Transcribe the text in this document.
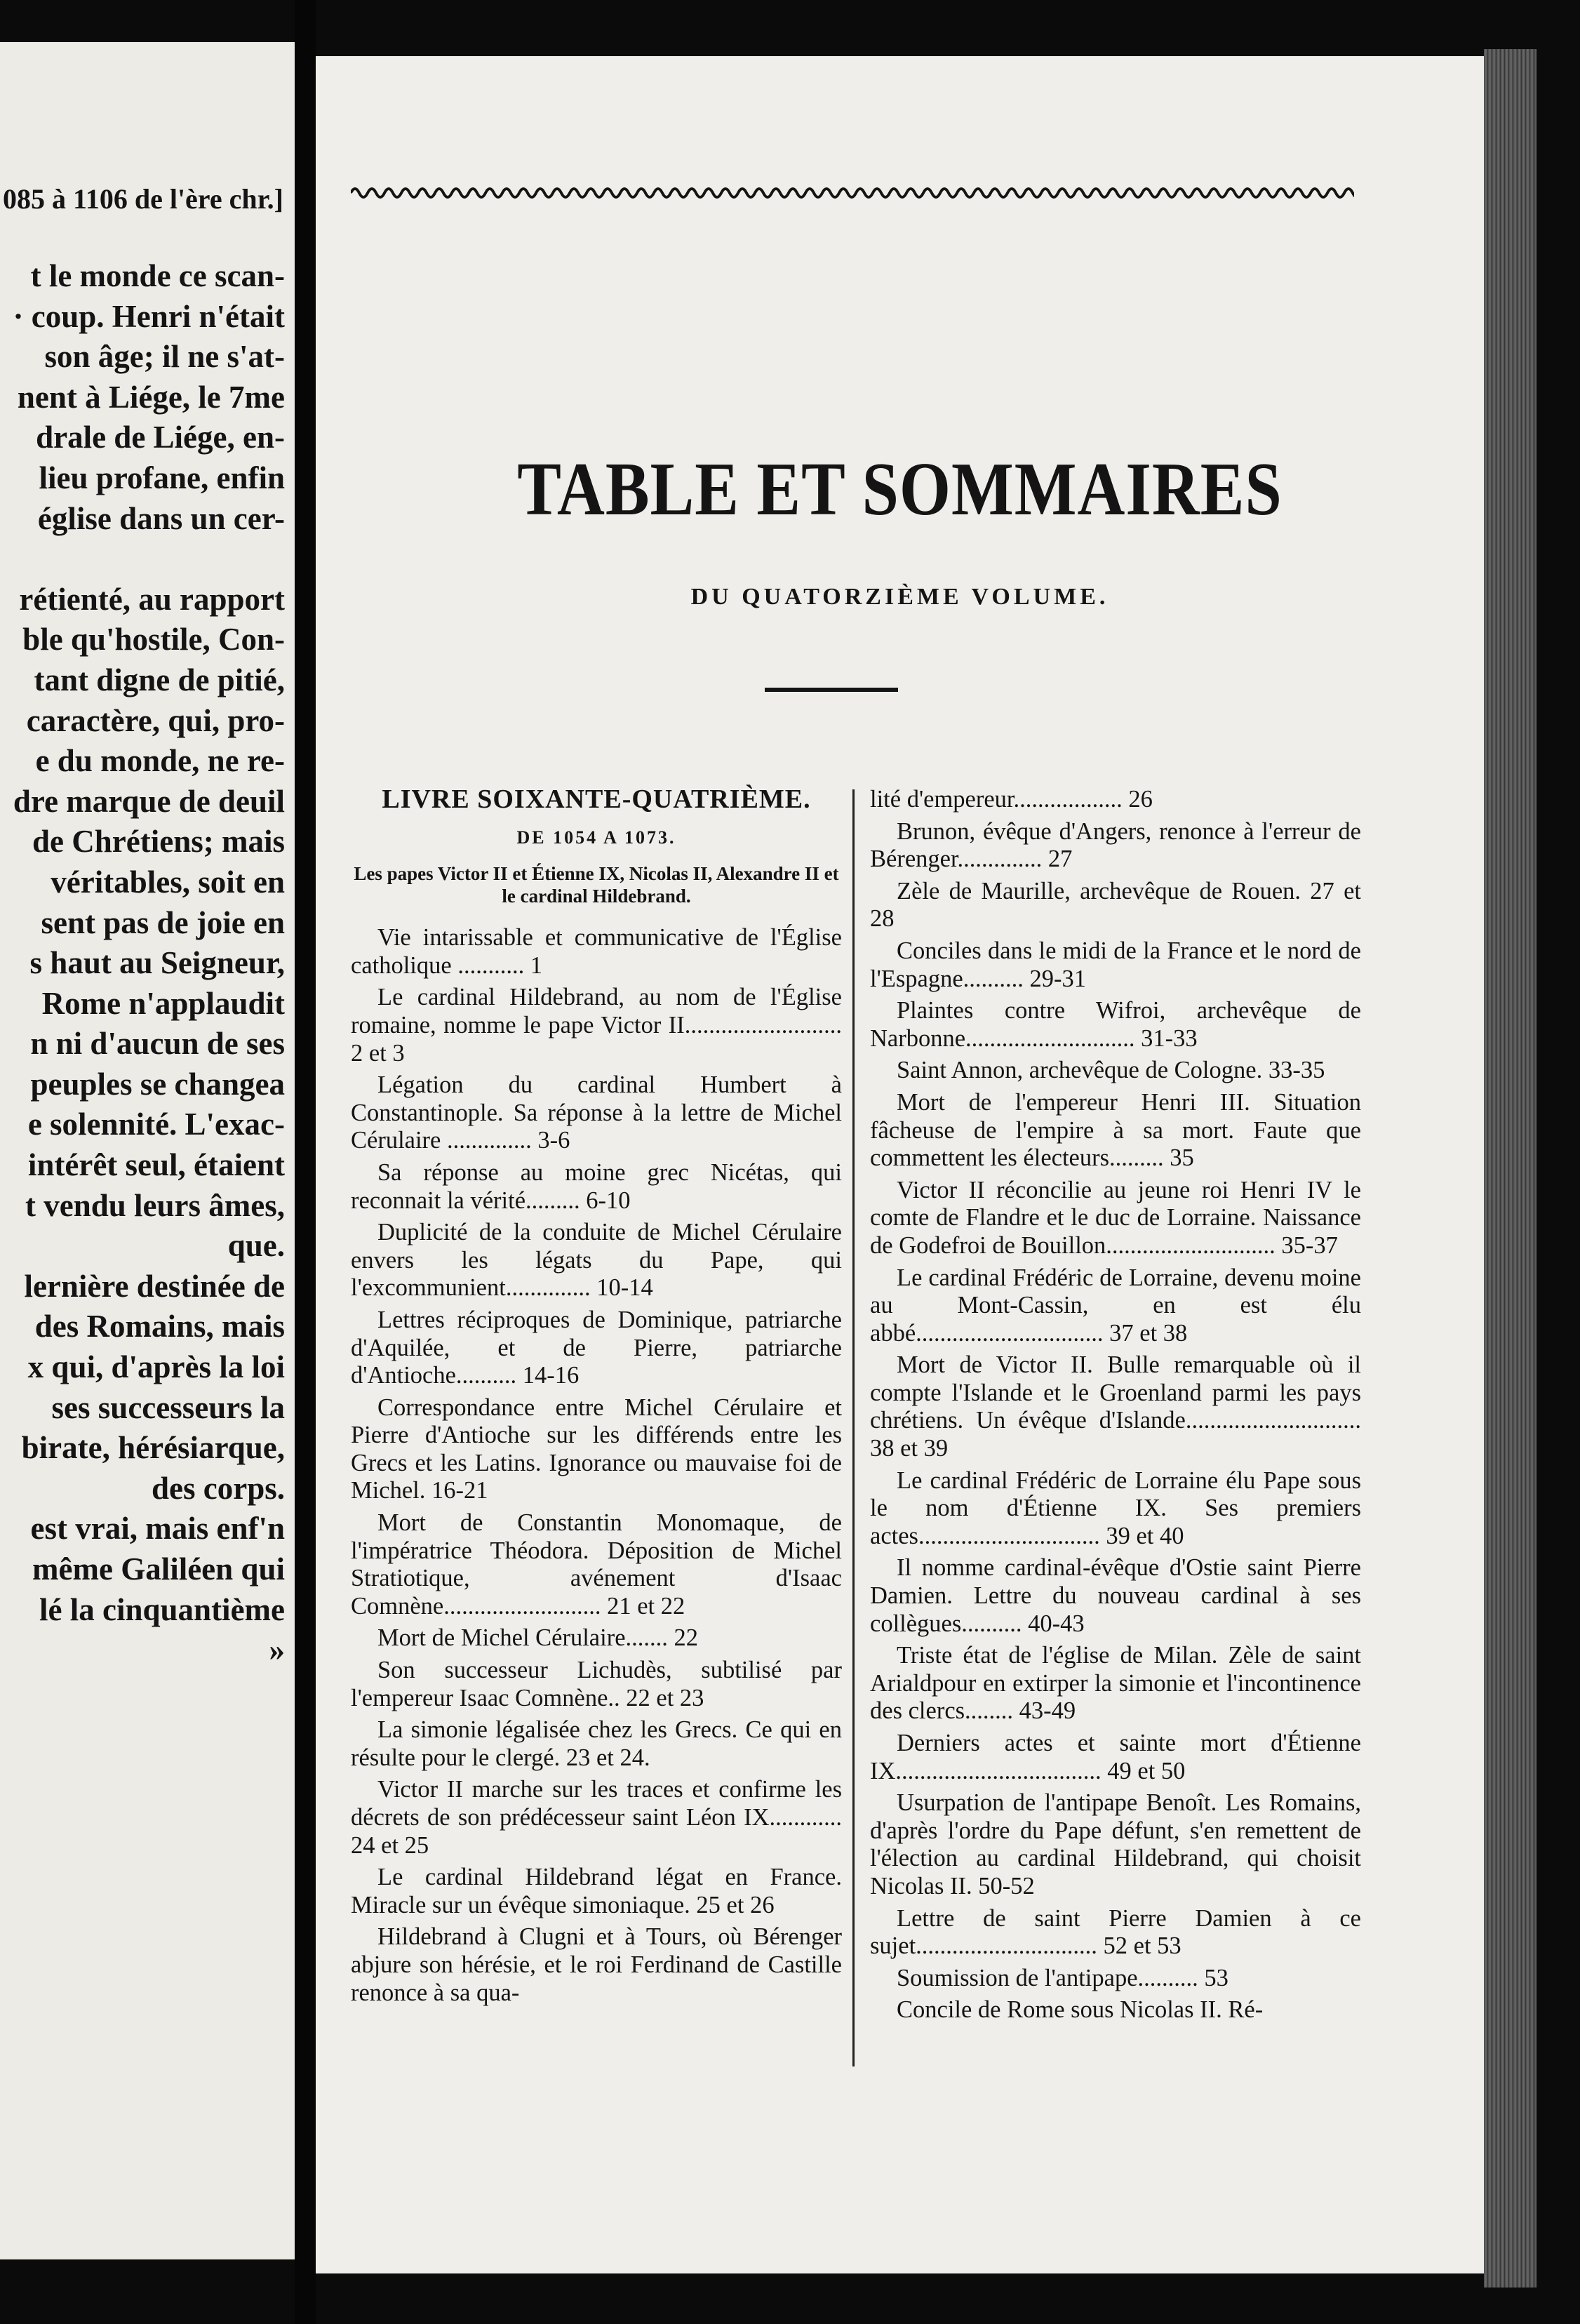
085 à 1106 de l'ère chr.]
t le monde ce scan-
· coup. Henri n'était
son âge; il ne s'at-
nent à Liége, le 7me
drale de Liége, en-
lieu profane, enfin
église dans un cer-

rétienté, au rapport
ble qu'hostile, Con-
tant digne de pitié,
caractère, qui, pro-
e du monde, ne re-
dre marque de deuil
de Chrétiens; mais
véritables, soit en
sent pas de joie en
s haut au Seigneur,
Rome n'applaudit
n ni d'aucun de ses
peuples se changea
e solennité. L'exac-
intérêt seul, étaient
t vendu leurs âmes,
que.
lernière destinée de
des Romains, mais
x qui, d'après la loi
ses successeurs la
birate, hérésiarque,
des corps.
est vrai, mais enf'n
même Galiléen qui
lé la cinquantième
»
TABLE ET SOMMAIRES
DU QUATORZIÈME VOLUME.
LIVRE SOIXANTE-QUATRIÈME.
DE 1054 A 1073.
Les papes Victor II et Étienne IX, Nicolas II, Alexandre II et le cardinal Hildebrand.
Vie intarissable et communicative de l'Église catholique ........... 1
Le cardinal Hildebrand, au nom de l'Église romaine, nomme le pape Victor II.......................... 2 et 3
Légation du cardinal Humbert à Constantinople. Sa réponse à la lettre de Michel Cérulaire .............. 3-6
Sa réponse au moine grec Nicétas, qui reconnait la vérité......... 6-10
Duplicité de la conduite de Michel Cérulaire envers les légats du Pape, qui l'excommunient.............. 10-14
Lettres réciproques de Dominique, patriarche d'Aquilée, et de Pierre, patriarche d'Antioche.......... 14-16
Correspondance entre Michel Cérulaire et Pierre d'Antioche sur les différends entre les Grecs et les Latins. Ignorance ou mauvaise foi de Michel. 16-21
Mort de Constantin Monomaque, de l'impératrice Théodora. Déposition de Michel Stratiotique, avénement d'Isaac Comnène.......................... 21 et 22
Mort de Michel Cérulaire....... 22
Son successeur Lichudès, subtilisé par l'empereur Isaac Comnène.. 22 et 23
La simonie légalisée chez les Grecs. Ce qui en résulte pour le clergé. 23 et 24.
Victor II marche sur les traces et confirme les décrets de son prédécesseur saint Léon IX............ 24 et 25
Le cardinal Hildebrand légat en France. Miracle sur un évêque simoniaque. 25 et 26
Hildebrand à Clugni et à Tours, où Bérenger abjure son hérésie, et le roi Ferdinand de Castille renonce à sa qua-
lité d'empereur.................. 26
Brunon, évêque d'Angers, renonce à l'erreur de Bérenger.............. 27
Zèle de Maurille, archevêque de Rouen. 27 et 28
Conciles dans le midi de la France et le nord de l'Espagne.......... 29-31
Plaintes contre Wifroi, archevêque de Narbonne............................ 31-33
Saint Annon, archevêque de Cologne. 33-35
Mort de l'empereur Henri III. Situation fâcheuse de l'empire à sa mort. Faute que commettent les électeurs......... 35
Victor II réconcilie au jeune roi Henri IV le comte de Flandre et le duc de Lorraine. Naissance de Godefroi de Bouillon............................ 35-37
Le cardinal Frédéric de Lorraine, devenu moine au Mont-Cassin, en est élu abbé............................... 37 et 38
Mort de Victor II. Bulle remarquable où il compte l'Islande et le Groenland parmi les pays chrétiens. Un évêque d'Islande............................. 38 et 39
Le cardinal Frédéric de Lorraine élu Pape sous le nom d'Étienne IX. Ses premiers actes.............................. 39 et 40
Il nomme cardinal-évêque d'Ostie saint Pierre Damien. Lettre du nouveau cardinal à ses collègues.......... 40-43
Triste état de l'église de Milan. Zèle de saint Arialdpour en extirper la simonie et l'incontinence des clercs........ 43-49
Derniers actes et sainte mort d'Étienne IX.................................. 49 et 50
Usurpation de l'antipape Benoît. Les Romains, d'après l'ordre du Pape défunt, s'en remettent de l'élection au cardinal Hildebrand, qui choisit Nicolas II. 50-52
Lettre de saint Pierre Damien à ce sujet.............................. 52 et 53
Soumission de l'antipape.......... 53
Concile de Rome sous Nicolas II. Ré-
